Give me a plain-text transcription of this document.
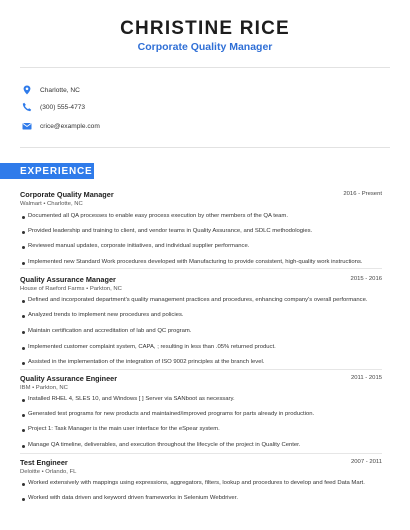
CHRISTINE RICE
Corporate Quality Manager
Charlotte, NC
(300) 555-4773
crice@example.com
EXPERIENCE
Corporate Quality Manager	2016 - Present
Walmart • Charlotte, NC
Documented all QA processes to enable easy process execution by other members of the QA team.
Provided leadership and training to client, and vendor teams in Quality Assurance, and SDLC methodologies.
Reviewed manual updates, corporate initiatives, and individual supplier performance.
Implemented new Standard Work procedures developed with Manufacturing to provide consistent, high-quality work instructions.
Quality Assurance Manager	2015 - 2016
House of Raeford Farms • Parkton, NC
Defined and incorporated department's quality management practices and procedures, enhancing company's overall performance.
Analyzed trends to implement new procedures and policies.
Maintain certification and accreditation of lab and QC program.
Implemented customer complaint system, CAPA, ; resulting in less than .05% returned product.
Assisted in the implementation of the integration of ISO 9002 principles at the branch level.
Quality Assurance Engineer	2011 - 2015
IBM • Parkton, NC
Installed RHEL 4, SLES 10, and Windows [ ] Server via SANboot as necessary.
Generated test programs for new products and maintained/improved programs for parts already in production.
Project 1: Task Manager is the main user interface for the eSpear system.
Manage QA timeline, deliverables, and execution throughout the lifecycle of the project in Quality Center.
Test Engineer	2007 - 2011
Deloitte • Orlando, FL
Worked extensively with mappings using expressions, aggregators, filters, lookup and procedures to develop and feed Data Mart.
Worked with data driven and keyword driven frameworks in Selenium Webdriver.
